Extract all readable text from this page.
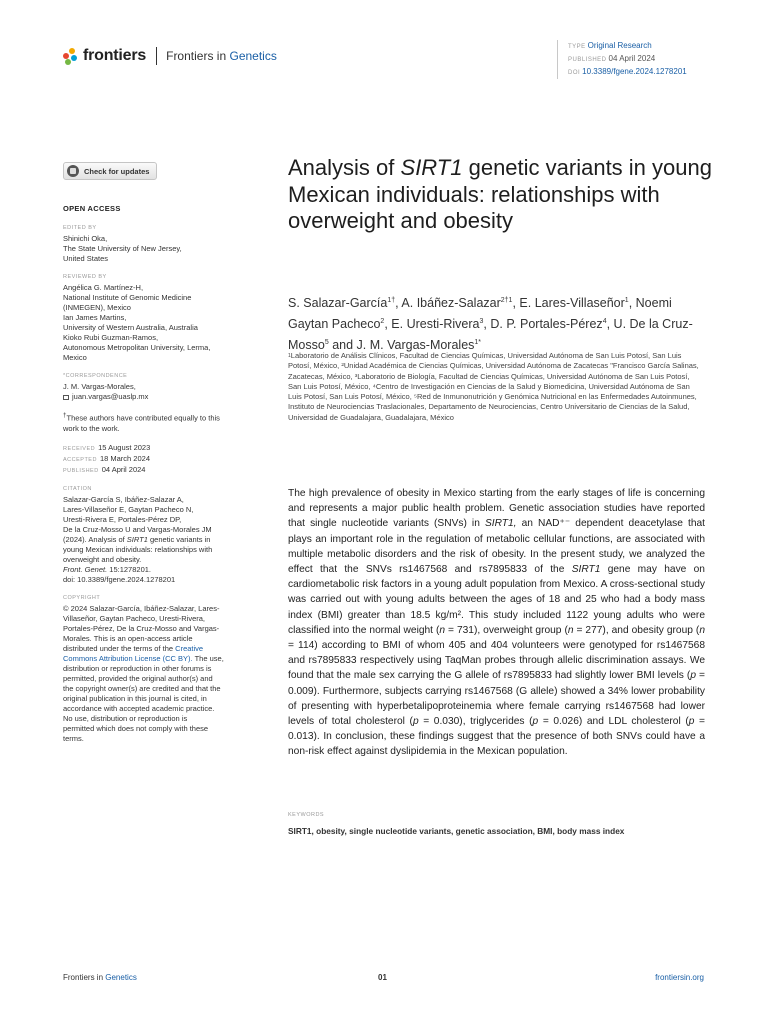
frontiers Frontiers in Genetics
TYPE Original Research
PUBLISHED 04 April 2024
DOI 10.3389/fgene.2024.1278201
Check for updates
OPEN ACCESS
EDITED BY
Shinichi Oka,
The State University of New Jersey,
United States
REVIEWED BY
Angélica G. Martínez-H,
National Institute of Genomic Medicine
(INMEGEN), Mexico
Ian James Martins,
University of Western Australia, Australia
Kioko Rubi Guzman-Ramos,
Autonomous Metropolitan University, Lerma,
Mexico
*CORRESPONDENCE
J. M. Vargas-Morales,
juan.vargas@uaslp.mx
†These authors have contributed equally to this
work to the work.
RECEIVED 15 August 2023
ACCEPTED 18 March 2024
PUBLISHED 04 April 2024
CITATION
Salazar-García S, Ibáñez-Salazar A,
Lares-Villaseñor E, Gaytan Pacheco N,
Uresti-Rivera E, Portales-Pérez DP,
De la Cruz-Mosso U and Vargas-Morales JM
(2024). Analysis of SIRT1 genetic variants in
young Mexican individuals: relationships with
overweight and obesity.
Front. Genet. 15:1278201.
doi: 10.3389/fgene.2024.1278201
COPYRIGHT
© 2024 Salazar-García, Ibáñez-Salazar, Lares-
Villaseñor, Gaytan Pacheco, Uresti-Rivera,
Portales-Pérez, De la Cruz-Mosso and Vargas-
Morales. This is an open-access article
distributed under the terms of the Creative
Commons Attribution License (CC BY). The use,
distribution or reproduction in other forums is
permitted, provided the original author(s) and
the copyright owner(s) are credited and that the
original publication in this journal is cited, in
accordance with accepted academic practice.
No use, distribution or reproduction is
permitted which does not comply with these
terms.
Analysis of SIRT1 genetic variants in young Mexican individuals: relationships with overweight and obesity
S. Salazar-García$^{1\dagger}$, A. Ibáñez-Salazar$^{2\dagger 1}$, E. Lares-Villaseñor$^1$, Noemi Gaytan Pacheco$^2$, E. Uresti-Rivera$^3$, D. P. Portales-Pérez$^4$, U. De la Cruz-Mosso$^5$ and J. M. Vargas-Morales$^{1*}$
$^1$Laboratorio de Análisis Clínicos, Facultad de Ciencias Químicas, Universidad Autónoma de San Luis Potosí, San Luis Potosí, México, ²Unidad Académica de Ciencias Químicas, Universidad Autónoma de Zacatecas "Francisco García Salinas, Zacatecas, México, ³Laboratorio de Biología, Facultad de Ciencias Químicas, Universidad Autónoma de San Luis Potosí, San Luis Potosí, México, ⁴Centro de Investigación en Ciencias de la Salud y Biomedicina, Universidad Autónoma de San Luis Potosí, San Luis Potosí, México, ⁵Red de Inmunonutrición y Genómica Nutricional en las Enfermedades Autoinmunes, Instituto de Neurociencias Traslacionales, Departamento de Neurociencias, Centro Universitario de Ciencias de la Salud, Universidad de Guadalajara, Guadalajara, México

The high prevalence of obesity in Mexico starting from the early stages of life is concerning and represents a major public health problem. Genetic association studies have reported that single nucleotide variants (SNVs) in SIRT1, an NAD⁺⁻ dependent deacetylase that plays an important role in the regulation of metabolic cellular functions, are associated with multiple metabolic disorders and the risk of obesity. In the present study, we analyzed the effect that the SNVs rs1467568 and rs7895833 of the SIRT1 gene may have on cardiometabolic risk factors in a young adult population from Mexico. A cross-sectional study was carried out with young adults between the ages of 18 and 25 who had a body mass index (BMI) greater than 18.5 kg/m². This study included 1122 young adults who were classified into the normal weight (n = 731), overweight group (n = 277), and obesity group (n = 114) according to BMI of whom 405 and 404 volunteers were genotyped for rs1467568 and rs7895833 respectively using TaqMan probes through allelic discrimination assays. We found that the male sex carrying the G allele of rs7895833 had slightly lower BMI levels (p = 0.009). Furthermore, subjects carrying rs1467568 (G allele) showed a 34% lower probability of presenting with hyperbetalipoproteinemia where female carrying rs1467568 had lower levels of total cholesterol (p = 0.030), triglycerides (p = 0.026) and LDL cholesterol (p = 0.013). In conclusion, these findings suggest that the presence of both SNVs could have a non-risk effect against dyslipidemia in the Mexican population.

KEYWORDS
SIRT1, obesity, single nucleotide variants, genetic association, BMI, body mass index
Frontiers in Genetics	01	frontiersin.org
